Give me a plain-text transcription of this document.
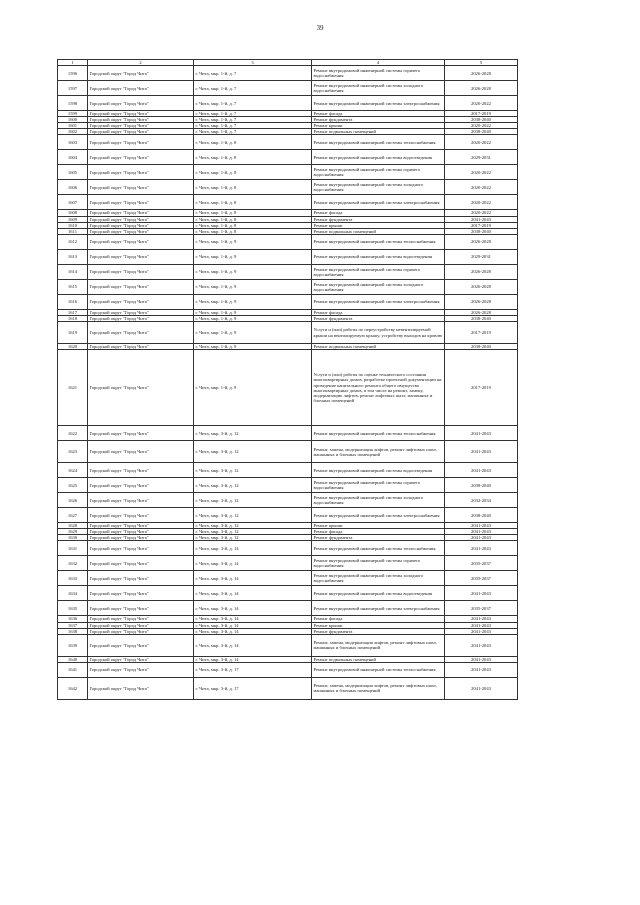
39
1	2	3	4	5
1596	Городской округ "Город Чита"	г. Чита, мкр. 1-й, д. 7	Ремонт внутридомовой инженерной системы горячего водоснабжения	2026-2028
1597	Городской округ "Город Чита"	г. Чита, мкр. 1-й, д. 7	Ремонт внутридомовой инженерной системы холодного водоснабжения	2026-2028
1598	Городской округ "Город Чита"	г. Чита, мкр. 1-й, д. 7	Ремонт внутридомовой инженерной системы электроснабжения	2020-2022
1599	Городской округ "Город Чита"	г. Чита, мкр. 1-й, д. 7	Ремонт фасада	2017-2019
1600	Городской округ "Город Чита"	г. Чита, мкр. 1-й, д. 7	Ремонт фундамента	2038-2040
1601	Городской округ "Город Чита"	г. Чита, мкр. 1-й, д. 7	Ремонт крыши	2020-2022
1602	Городской округ "Город Чита"	г. Чита, мкр. 1-й, д. 7	Ремонт подвальных помещений	2038-2040
1603	Городской округ "Город Чита"	г. Чита, мкр. 1-й, д. 8	Ремонт внутридомовой инженерной системы теплоснабжения	2020-2022
1604	Городской округ "Город Чита"	г. Чита, мкр. 1-й, д. 8	Ремонт внутридомовой инженерной системы водоотведения	2029-2031
1605	Городской округ "Город Чита"	г. Чита, мкр. 1-й, д. 8	Ремонт внутридомовой инженерной системы горячего водоснабжения	2020-2022
1606	Городской округ "Город Чита"	г. Чита, мкр. 1-й, д. 8	Ремонт внутридомовой инженерной системы холодного водоснабжения	2020-2022
1607	Городской округ "Город Чита"	г. Чита, мкр. 1-й, д. 8	Ремонт внутридомовой инженерной системы электроснабжения	2020-2022
1608	Городской округ "Город Чита"	г. Чита, мкр. 1-й, д. 8	Ремонт фасада	2020-2022
1609	Городской округ "Город Чита"	г. Чита, мкр. 1-й, д. 8	Ремонт фундамента	2041-2043
1610	Городской округ "Город Чита"	г. Чита, мкр. 1-й, д. 8	Ремонт крыши	2017-2019
1611	Городской округ "Город Чита"	г. Чита, мкр. 1-й, д. 8	Ремонт подвальных помещений	2038-2040
1612	Городской округ "Город Чита"	г. Чита, мкр. 1-й, д. 9	Ремонт внутридомовой инженерной системы теплоснабжения	2026-2028
1613	Городской округ "Город Чита"	г. Чита, мкр. 1-й, д. 9	Ремонт внутридомовой инженерной системы водоотведения	2029-2031
1614	Городской округ "Город Чита"	г. Чита, мкр. 1-й, д. 9	Ремонт внутридомовой инженерной системы горячего водоснабжения	2026-2028
1615	Городской округ "Город Чита"	г. Чита, мкр. 1-й, д. 9	Ремонт внутридомовой инженерной системы холодного водоснабжения	2026-2028
1616	Городской округ "Город Чита"	г. Чита, мкр. 1-й, д. 9	Ремонт внутридомовой инженерной системы электроснабжения	2026-2028
1617	Городской округ "Город Чита"	г. Чита, мкр. 1-й, д. 9	Ремонт фасада	2026-2028
1618	Городской округ "Город Чита"	г. Чита, мкр. 1-й, д. 9	Ремонт фундамента	2038-2040
1619	Городской округ "Город Чита"	г. Чита, мкр. 1-й, д. 9	Услуги и (или) работы по переустройству невентилируемой крыши на вентилируемую крышу, устройству выходов на кровлю	2017-2019
1620	Городской округ "Город Чита"	г. Чита, мкр. 1-й, д. 9	Ремонт подвальных помещений	2038-2040
1621	Городской округ "Город Чита"	г. Чита, мкр. 1-й, д. 9	Услуги и (или) работы по оценке технического состояния многоквартирных домов, разработке проектной документации на проведение капитального ремонта общего имущества многоквартирных домов, в том числе на ремонт, замену, модернизацию лифтов, ремонт лифтовых шахт, машинных и блочных помещений	2017-2019
1622	Городской округ "Город Чита"	г. Чита, мкр. 3-й, д. 12	Ремонт внутридомовой инженерной системы теплоснабжения	2041-2043
1623	Городской округ "Город Чита"	г. Чита, мкр. 3-й, д. 12	Ремонт, замена, модернизация лифтов, ремонт лифтовых шахт, машинных и блочных помещений	2041-2043
1624	Городской округ "Город Чита"	г. Чита, мкр. 3-й, д. 12	Ремонт внутридомовой инженерной системы водоотведения	2041-2043
1625	Городской округ "Город Чита"	г. Чита, мкр. 3-й, д. 12	Ремонт внутридомовой инженерной системы горячего водоснабжения	2038-2040
1626	Городской округ "Город Чита"	г. Чита, мкр. 3-й, д. 12	Ремонт внутридомовой инженерной системы холодного водоснабжения	2032-2034
1627	Городской округ "Город Чита"	г. Чита, мкр. 3-й, д. 12	Ремонт внутридомовой инженерной системы электроснабжения	2038-2040
1628	Городской округ "Город Чита"	г. Чита, мкр. 3-й, д. 12	Ремонт крыши	2041-2043
1629	Городской округ "Город Чита"	г. Чита, мкр. 3-й, д. 12	Ремонт фасада	2041-2043
1630	Городской округ "Город Чита"	г. Чита, мкр. 3-й, д. 12	Ремонт фундамента	2041-2043
1631	Городской округ "Город Чита"	г. Чита, мкр. 3-й, д. 14	Ремонт внутридомовой инженерной системы теплоснабжения	2041-2043
1632	Городской округ "Город Чита"	г. Чита, мкр. 3-й, д. 14	Ремонт внутридомовой инженерной системы горячего водоснабжения	2035-2037
1633	Городской округ "Город Чита"	г. Чита, мкр. 3-й, д. 14	Ремонт внутридомовой инженерной системы холодного водоснабжения	2035-2037
1634	Городской округ "Город Чита"	г. Чита, мкр. 3-й, д. 14	Ремонт внутридомовой инженерной системы водоотведения	2041-2043
1635	Городской округ "Город Чита"	г. Чита, мкр. 3-й, д. 14	Ремонт внутридомовой инженерной системы электроснабжения	2035-2037
1636	Городской округ "Город Чита"	г. Чита, мкр. 3-й, д. 14	Ремонт фасада	2041-2043
1637	Городской округ "Город Чита"	г. Чита, мкр. 3-й, д. 14	Ремонт крыши	2041-2043
1638	Городской округ "Город Чита"	г. Чита, мкр. 3-й, д. 14	Ремонт фундамента	2041-2043
1639	Городской округ "Город Чита"	г. Чита, мкр. 3-й, д. 14	Ремонт, замена, модернизация лифтов, ремонт лифтовых шахт, машинных и блочных помещений	2041-2043
1640	Городской округ "Город Чита"	г. Чита, мкр. 3-й, д. 14	Ремонт подвальных помещений	2041-2043
1641	Городской округ "Город Чита"	г. Чита, мкр. 3-й, д. 17	Ремонт внутридомовой инженерной системы теплоснабжения	2041-2043
1642	Городской округ "Город Чита"	г. Чита, мкр. 3-й, д. 17	Ремонт, замена, модернизация лифтов, ремонт лифтовых шахт, машинных и блочных помещений	2041-2043
